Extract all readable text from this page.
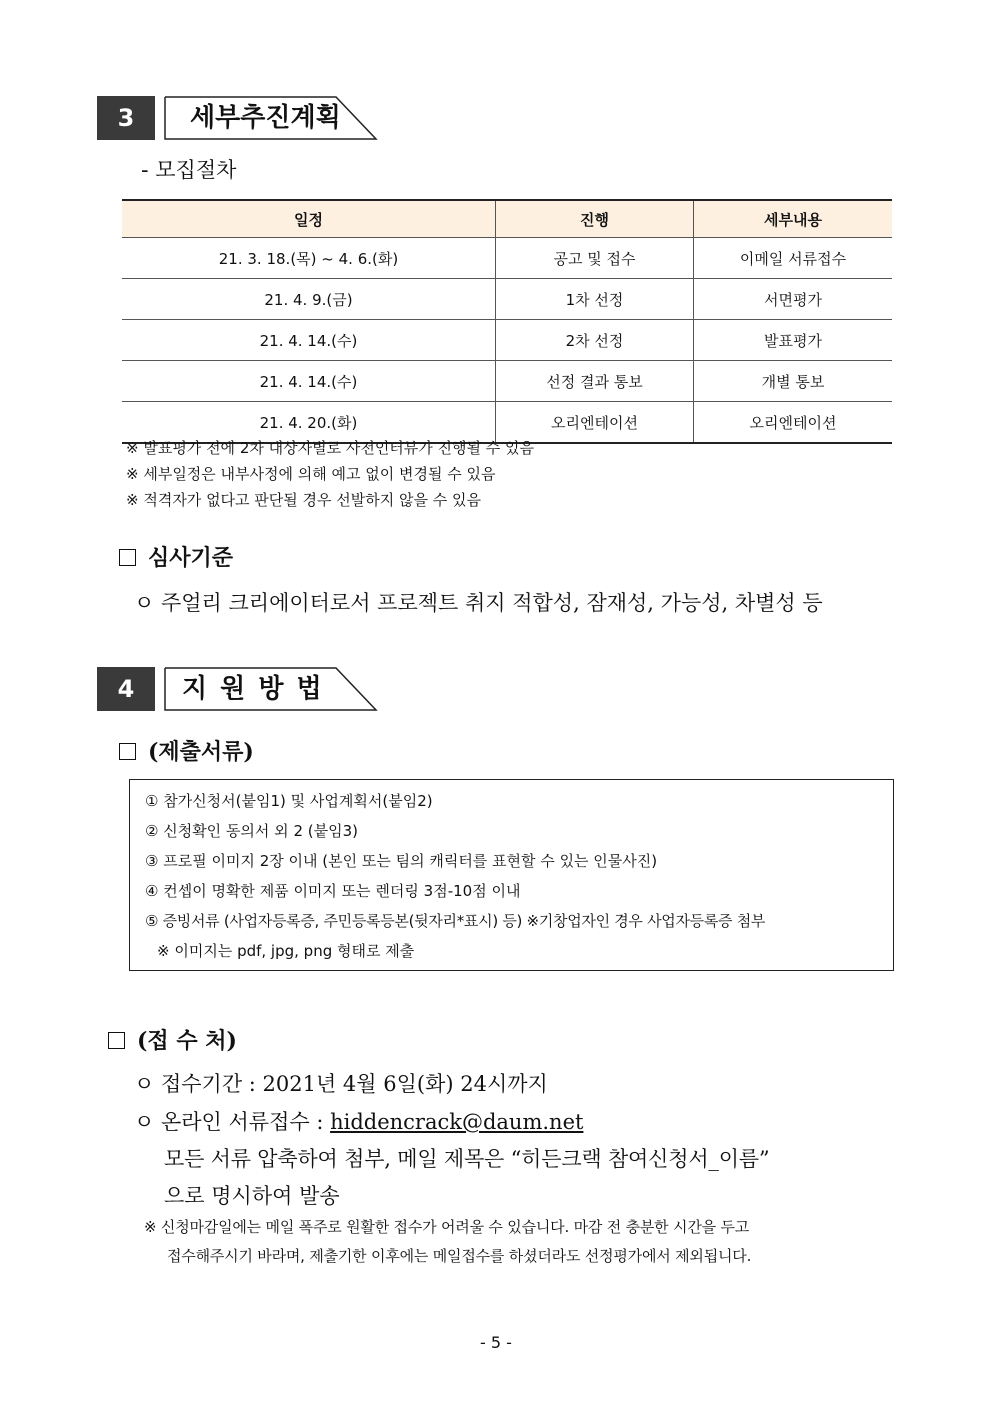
3	세부추진계획
- 모집절차
일정	진행	세부내용
21. 3. 18.(목) ~ 4. 6.(화)	공고 및 접수	이메일 서류접수
21. 4. 9.(금)	1차 선정	서면평가
21. 4. 14.(수)	2차 선정	발표평가
21. 4. 14.(수)	선정 결과 통보	개별 통보
21. 4. 20.(화)	오리엔테이션	오리엔테이션
※ 발표평가 전에 2차 대상자별로 사전인터뷰가 진행될 수 있음
※ 세부일정은 내부사정에 의해 예고 없이 변경될 수 있음
※ 적격자가 없다고 판단될 경우 선발하지 않을 수 있음
심사기준
ㅇ 주얼리 크리에이터로서 프로젝트 취지 적합성, 잠재성, 가능성, 차별성 등
4	지 원 방 법
(제출서류)
① 참가신청서(붙임1) 및 사업계획서(붙임2)
② 신청확인 동의서 외 2 (붙임3)
③ 프로필 이미지 2장 이내 (본인 또는 팀의 캐릭터를 표현할 수 있는 인물사진)
④ 컨셉이 명확한 제품 이미지 또는 렌더링 3점-10점 이내
⑤ 증빙서류 (사업자등록증, 주민등록등본(뒷자리*표시) 등) ※기창업자인 경우 사업자등록증 첨부
※ 이미지는 pdf, jpg, png 형태로 제출
(접 수 처)
ㅇ 접수기간 : 2021년 4월 6일(화) 24시까지
ㅇ 온라인 서류접수 : hiddencrack@daum.net
모든 서류 압축하여 첨부, 메일 제목은 “히든크랙 참여신청서_이름”
으로 명시하여 발송
※ 신청마감일에는 메일 폭주로 원활한 접수가 어려울 수 있습니다. 마감 전 충분한 시간을 두고
접수해주시기 바라며, 제출기한 이후에는 메일접수를 하셨더라도 선정평가에서 제외됩니다.
- 5 -
